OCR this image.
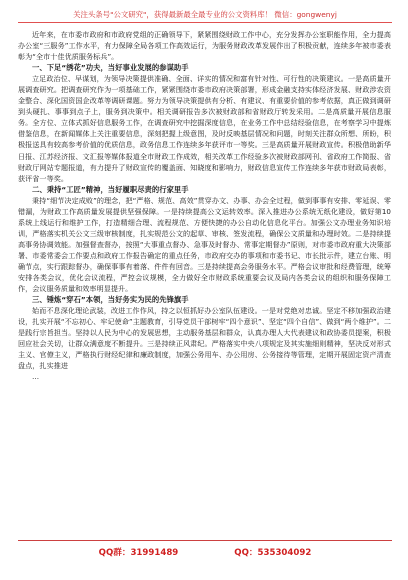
关注头条号"公文研究"，获得最新最全最专业的公文资料库！ 微信：gongwenyj

近年来，在市委市政府和市政府党组的正确领导下，紧紧围绕财政工作中心，充分发挥办公室职能作用，全力提高办公室“三服务”工作水平，有力保障全局各项工作高效运行，为服务财政改革发展作出了积极贡献，连续多年被市委表彰为“全市十佳优质服务标兵”。

一、下足“绣花”功夫，当好事业发展的参谋助手

立足政治位、早谋划，为领导决策提供准确、全面、详实的情况和富有针对性、可行性的决策建议。一是高质量开展调查研究。把调查研究作为一项基础工作，紧紧围绕市委市政府决策部署，形成金融支持实体经济发展、财政涉农资金整合、深化国资国企改革等调研课题。努力为领导决策提供有分析、有建议、有重要价值的参考依据，真正做到调研到头硬扎、事事到点子上，服务到决策中。相关调研报告多次被财政部和省财政厅转发采用。二是高质量开展信息服务。全方位、立体式抓好信息服务工作，在调查研究中挖掘深度信息，在业务工作中总结经验信息，在考察学习中提炼借鉴信息，在新闻媒体上关注重要信息，深刻把握上级意图，及时反映基层情况和问题，时刻关注群众所想、所盼，积极报送具有较高参考价值的优质信息，政务信息工作连续多年获评市一等奖。三是高质量开展财政宣传。积极借助新华日报、江苏经济报、文汇报等媒体报道全市财政工作成效，相关改革工作经验多次被财政部网刊、省政府工作简报、省财政厅网站专题报道，有力提升了财政宣传的覆盖面、知晓度和影响力，财政信息宣传工作连续多年获市财政局表彰，获评省一等奖。

二、秉持“工匠”精神，当好履职尽责的行家里手

秉持“细节决定成败”的理念，把“严格、规范、高效”贯穿办文、办事、办会全过程，做到事事有安排、零延误、零错漏，为财政工作高质量发展提供坚强保障。一是持续提高公文运转效率。深入推进办公系统无纸化建设，做好第10系统上线运行和维护工作，打造精细合理、流程规范、方便快捷的办公自动化信息化平台。加强公文办理业务知识培训，严格落实机关公文三级审核制度，扎实规范公文的起草、审核、签发流程，确保公文质量和办理时效。二是持续提高事务协调效能。加强督查督办，按照“大事重点督办、急事及时督办、常事定期督办”原则，对市委市政府重大决策部署、市委常委会工作要点和政府工作报告确定的重点任务，市政府交办的事项和市委书记、市长批示件，建立台账、明确节点，实行跟踪督办，确保事事有着落、件件有回音。三是持续提高会务服务水平。严格会议审批和经费管理，统筹安排各类会议，优化会议流程，严控会议规模，全力做好全市财政系统重要会议及局内各类会议的组织和服务保障工作，会议服务质量和效率明显提升。

三、锤炼“穿石”本领，当好务实为民的先锋旗手

始而不息深化理论武装，改进工作作风，持之以恒抓好办公室队伍建设。一是对党绝对忠诚。坚定不移加强政治建设，扎实开展“不忘初心、牢记使命”主题教育，引导党员干部树牢“四个意识”、坚定“四个自信”、做到“两个维护”。二是践行宗旨担当。坚持以人民为中心的发展思想，主动服务基层和群众，认真办理人大代表建议和政协委员提案，积极回应社会关切，让群众满意度不断提升。三是持续正风肃纪。严格落实中央八项规定及其实施细则精神，坚决反对形式主义、官僚主义，严格执行财经纪律和廉政制度，加强公务用车、办公用房、公务接待等管理，定期开展固定资产清查盘点，扎实推进

…

QQ群：31991489	QQ：535304092
